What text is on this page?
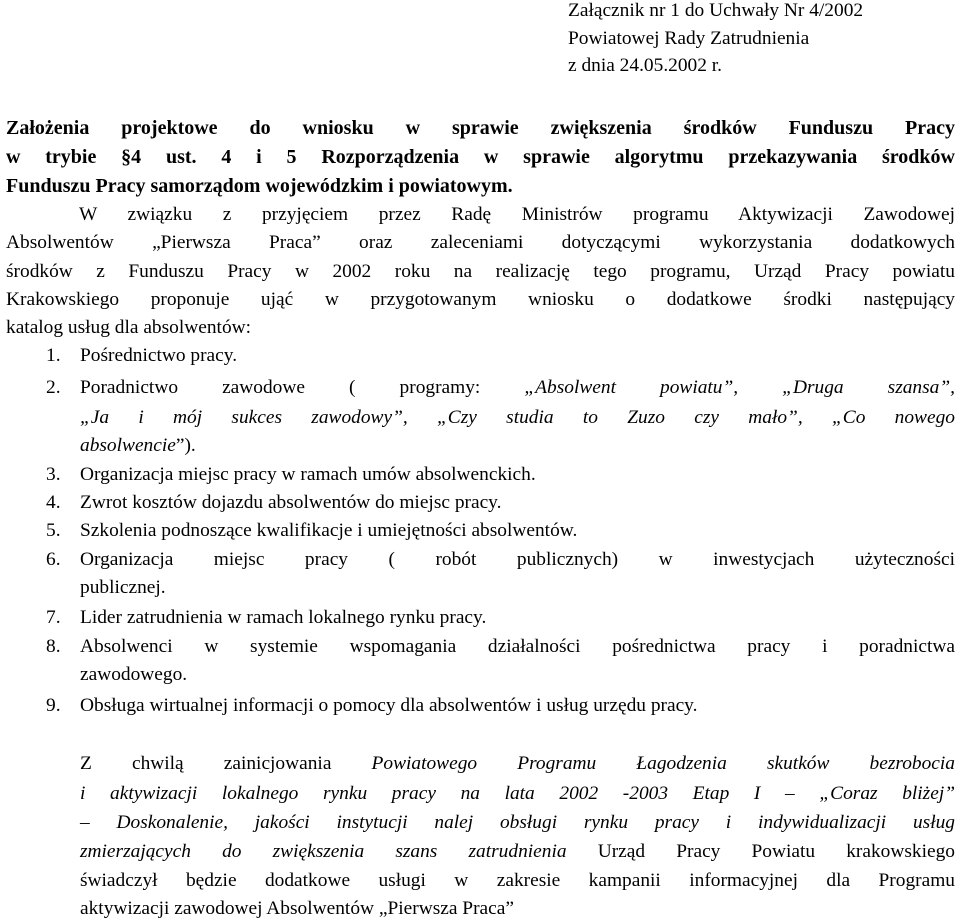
Załącznik nr 1 do Uchwały Nr 4/2002
Powiatowej Rady Zatrudnienia
z dnia 24.05.2002 r.
Założenia projektowe do wniosku w sprawie zwiększenia środków Funduszu Pracy
w trybie §4 ust. 4 i 5 Rozporządzenia w sprawie algorytmu przekazywania środków
Funduszu Pracy samorządom wojewódzkim i powiatowym.
W związku z przyjęciem przez Radę Ministrów programu Aktywizacji Zawodowej
Absolwentów „Pierwsza Praca” oraz zaleceniami dotyczącymi wykorzystania dodatkowych
środków z Funduszu Pracy w 2002 roku na realizację tego programu, Urząd Pracy powiatu
Krakowskiego proponuje ująć w przygotowanym wniosku o dodatkowe środki następujący
katalog usług dla absolwentów:
1. Pośrednictwo pracy.
2. Poradnictwo zawodowe ( programy: „Absolwent powiatu”, „Druga szansa”,
„Ja i mój sukces zawodowy”, „Czy studia to Zuzo czy mało”, „Co nowego
absolwencie”).
3. Organizacja miejsc pracy w ramach umów absolwenckich.
4. Zwrot kosztów dojazdu absolwentów do miejsc pracy.
5. Szkolenia podnoszące kwalifikacje i umiejętności absolwentów.
6. Organizacja miejsc pracy ( robót publicznych) w inwestycjach użyteczności
publicznej.
7. Lider zatrudnienia w ramach lokalnego rynku pracy.
8. Absolwenci w systemie wspomagania działalności pośrednictwa pracy i poradnictwa
zawodowego.
9. Obsługa wirtualnej informacji o pomocy dla absolwentów i usług urzędu pracy.
Z chwilą zainicjowania Powiatowego Programu Łagodzenia skutków bezrobocia
i aktywizacji lokalnego rynku pracy na lata 2002 -2003 Etap I – „Coraz bliżej”
– Doskonalenie, jakości instytucji nalej obsługi rynku pracy i indywidualizacji usług
zmierzających do zwiększenia szans zatrudnienia Urząd Pracy Powiatu krakowskiego
świadczył będzie dodatkowe usługi w zakresie kampanii informacyjnej dla Programu
aktywizacji zawodowej Absolwentów „Pierwsza Praca”
